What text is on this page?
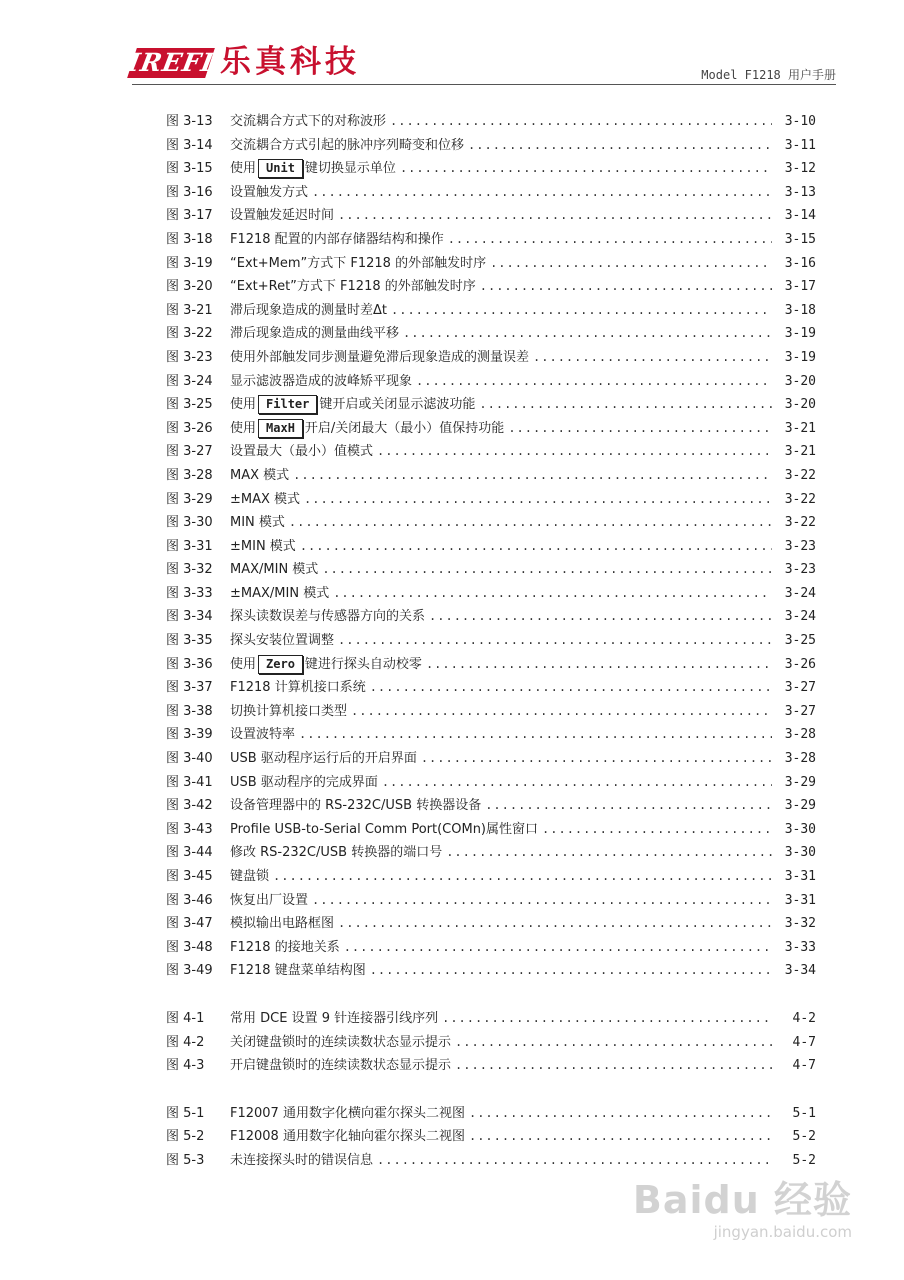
IREFI 乐真科技	Model F1218 用户手册
图 3-13	交流耦合方式下的对称波形 .....	3-10
图 3-14	交流耦合方式引起的脉冲序列畸变和位移 .....	3-11
图 3-15	使用 Unit 键切换显示单位 .....	3-12
图 3-16	设置触发方式 .....	3-13
图 3-17	设置触发延迟时间 .....	3-14
图 3-18	F1218 配置的内部存储器结构和操作 .....	3-15
图 3-19	“Ext+Mem”方式下 F1218 的外部触发时序 .....	3-16
图 3-20	“Ext+Ret”方式下 F1218 的外部触发时序 .....	3-17
图 3-21	滞后现象造成的测量时差Δt .....	3-18
图 3-22	滞后现象造成的测量曲线平移 .....	3-19
图 3-23	使用外部触发同步测量避免滞后现象造成的测量误差 .....	3-19
图 3-24	显示滤波器造成的波峰矫平现象 .....	3-20
图 3-25	使用 Filter 键开启或关闭显示滤波功能 .....	3-20
图 3-26	使用 MaxH 开启/关闭最大（最小）值保持功能 .....	3-21
图 3-27	设置最大（最小）值模式 .....	3-21
图 3-28	MAX 模式 .....	3-22
图 3-29	±MAX 模式 .....	3-22
图 3-30	MIN 模式 .....	3-22
图 3-31	±MIN 模式 .....	3-23
图 3-32	MAX/MIN 模式 .....	3-23
图 3-33	±MAX/MIN 模式 .....	3-24
图 3-34	探头读数误差与传感器方向的关系 .....	3-24
图 3-35	探头安装位置调整 .....	3-25
图 3-36	使用 Zero 键进行探头自动校零 .....	3-26
图 3-37	F1218 计算机接口系统 .....	3-27
图 3-38	切换计算机接口类型 .....	3-27
图 3-39	设置波特率 .....	3-28
图 3-40	USB 驱动程序运行后的开启界面 .....	3-28
图 3-41	USB 驱动程序的完成界面 .....	3-29
图 3-42	设备管理器中的 RS-232C/USB 转换器设备 .....	3-29
图 3-43	Profile USB-to-Serial Comm Port(COMn)属性窗口 .....	3-30
图 3-44	修改 RS-232C/USB 转换器的端口号 .....	3-30
图 3-45	键盘锁 .....	3-31
图 3-46	恢复出厂设置 .....	3-31
图 3-47	模拟输出电路框图 .....	3-32
图 3-48	F1218 的接地关系 .....	3-33
图 3-49	F1218 键盘菜单结构图 .....	3-34
图 4-1	常用 DCE 设置 9 针连接器引线序列 .....	4-2
图 4-2	关闭键盘锁时的连续读数状态显示提示 .....	4-7
图 4-3	开启键盘锁时的连续读数状态显示提示 .....	4-7
图 5-1	F12007 通用数字化横向霍尔探头二视图 .....	5-1
图 5-2	F12008 通用数字化轴向霍尔探头二视图 .....	5-2
图 5-3	未连接探头时的错误信息 .....	5-2
Baidu 经验
jingyan.baidu.com
